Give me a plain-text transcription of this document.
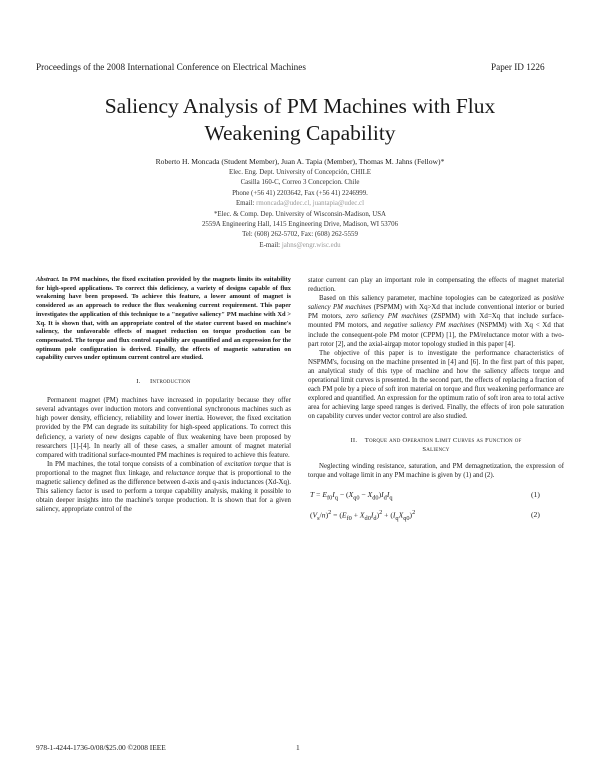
Proceedings of the 2008 International Conference on Electrical Machines	Paper ID 1226
Saliency Analysis of PM Machines with Flux
Weakening Capability
Roberto H. Moncada (Student Member), Juan A. Tapia (Member), Thomas M. Jahns (Fellow)*
Elec. Eng. Dept. University of Concepción, CHILE
Casilla 160-C, Correo 3 Concepcion. Chile
Phone (+56 41) 2203642, Fax (+56 41) 2246999.
Email: rmoncada@udec.cl, juantapia@udec.cl
*Elec. & Comp. Dep. University of Wisconsin-Madison, USA
2559A Engineering Hall, 1415 Engineering Drive, Madison, WI 53706
Tel: (608) 262-5702, Fax: (608) 262-5559
E-mail: jahns@engr.wisc.edu

Abstract. In PM machines, the fixed excitation provided by the magnets limits its suitability for high-speed applications. To correct this deficiency, a variety of designs capable of flux weakening have been proposed. To achieve this feature, a lower amount of magnet is considered as an approach to reduce the flux weakening current requirement. This paper investigates the application of this technique to a "negative saliency" PM machine with Xd > Xq. It is shown that, with an appropriate control of the stator current based on machine's saliency, the unfavorable effects of magnet reduction on torque production can be compensated. The torque and flux control capability are quantified and an expression for the optimum pole configuration is derived. Finally, the effects of magnetic saturation on capability curves under optimum current control are studied.

I. Introduction

Permanent magnet (PM) machines have increased in popularity because they offer several advantages over induction motors and conventional synchronous machines such as high power density, efficiency, reliability and lower inertia. However, the fixed excitation provided by the PM can degrade its suitability for high-speed applications. To correct this deficiency, a variety of new designs capable of flux weakening have been proposed by researchers [1]-[4]. In nearly all of these cases, a smaller amount of magnet material compared with traditional surface-mounted PM machines is required to achieve this feature.

In PM machines, the total torque consists of a combination of excitation torque that is proportional to the magnet flux linkage, and reluctance torque that is proportional to the magnetic saliency defined as the difference between d-axis and q-axis inductances (Xd-Xq). This saliency factor is used to perform a torque capability analysis, making it possible to obtain deeper insights into the machine's torque production. It is shown that for a given saliency, appropriate control of the

stator current can play an important role in compensating the effects of magnet material reduction.

Based on this saliency parameter, machine topologies can be categorized as positive saliency PM machines (PSPMM) with Xq>Xd that include conventional interior or buried PM motors, zero saliency PM machines (ZSPMM) with Xd=Xq that include surface-mounted PM motors, and negative saliency PM machines (NSPMM) with Xq < Xd that include the consequent-pole PM motor (CPPM) [1], the PM/reluctance motor with a two-part rotor [2], and the axial-airgap motor topology studied in this paper [4].

The objective of this paper is to investigate the performance characteristics of NSPMM's, focusing on the machine presented in [4] and [6]. In the first part of this paper, an analytical study of this type of machine and how the saliency affects torque and operational limit curves is presented. In the second part, the effects of replacing a fraction of each PM pole by a piece of soft iron material on torque and flux weakening performance are explored and quantified. An expression for the optimum ratio of soft iron area to total active area for achieving large speed ranges is derived. Finally, the effects of iron pole saturation on capability curves under vector control are also studied.

II. Torque and Operation Limit Curves as Function of
Saliency

Neglecting winding resistance, saturation, and PM demagnetization, the expression of torque and voltage limit in any PM machine is given by (1) and (2).

$T = E_{f0}I_q - (X_{q0} - X_{d0})I_dI_q$	(1)
$(V_s/n)^2 = (E_{f0} + X_{d0}I_d)^2 + (I_qX_{q0})^2$	(2)
978-1-4244-1736-0/08/$25.00 ©2008 IEEE	1
